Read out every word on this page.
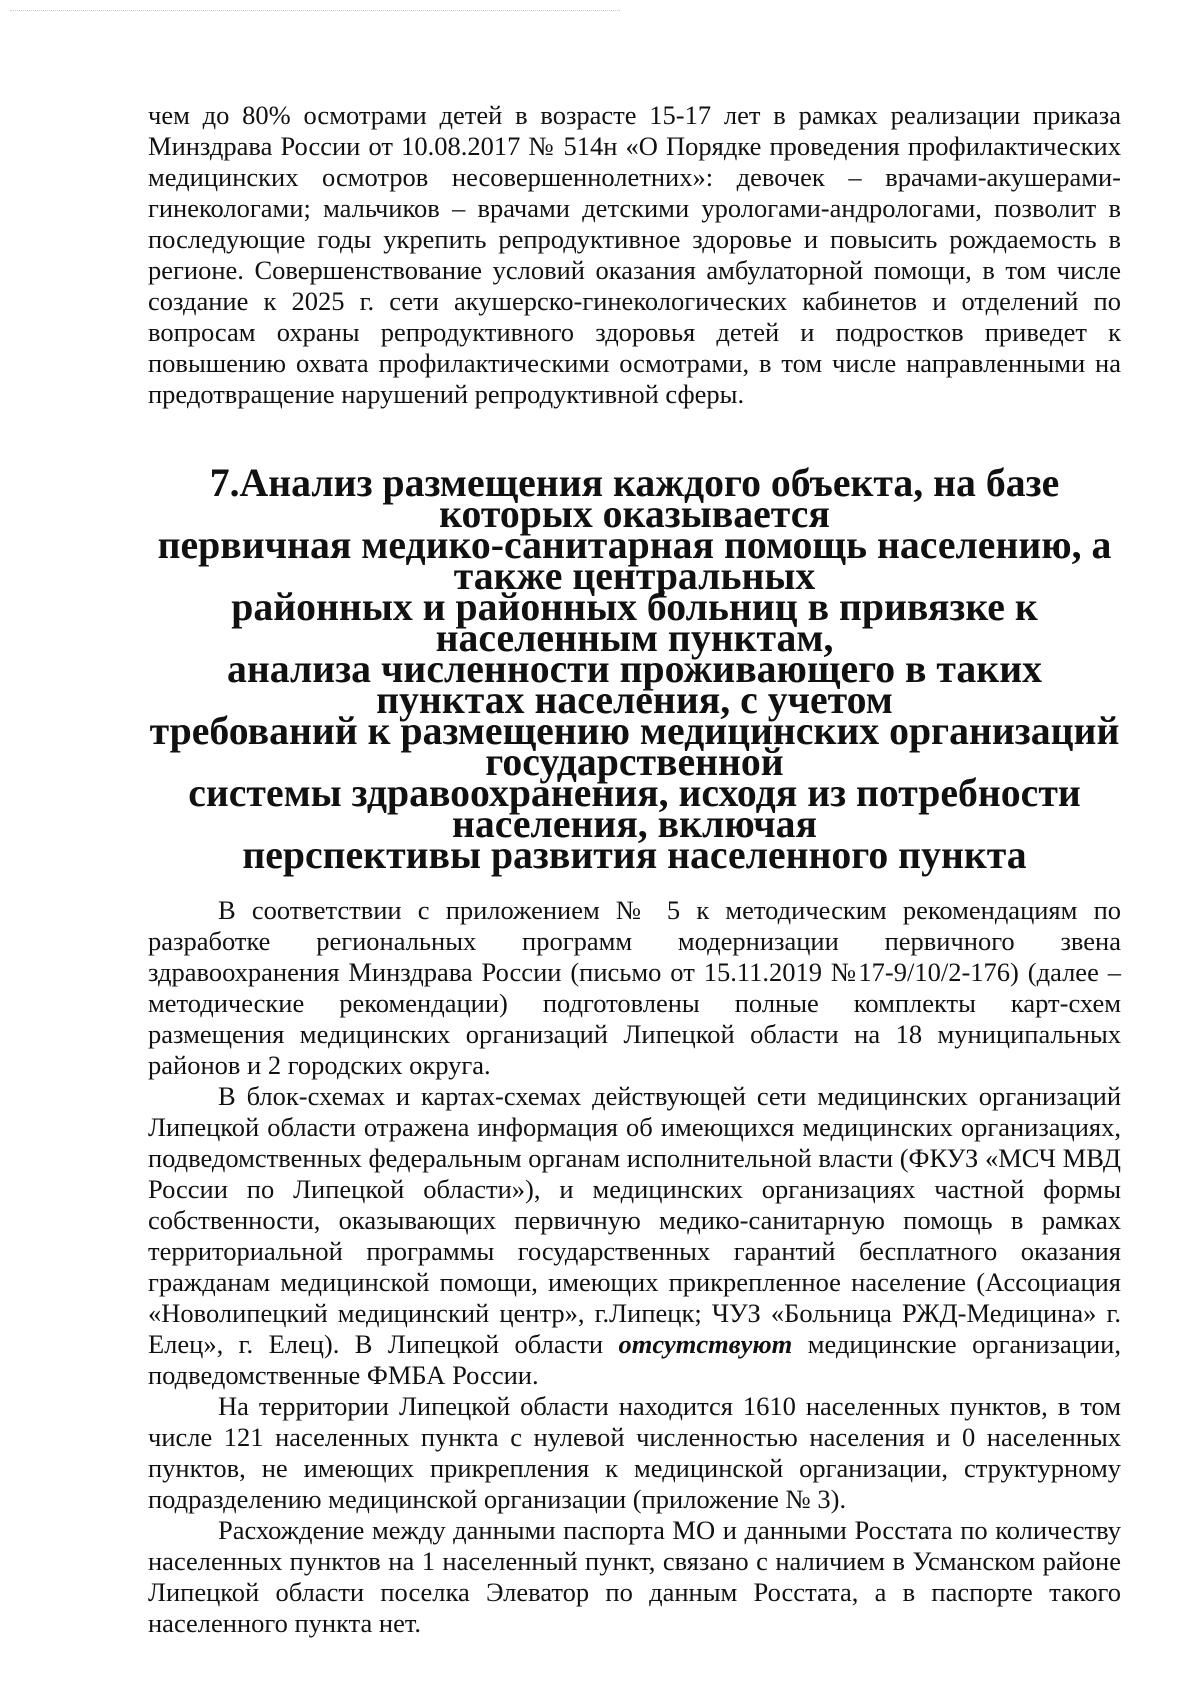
чем до 80% осмотрами детей в возрасте 15-17 лет в рамках реализации приказа Минздрава России от 10.08.2017 № 514н «О Порядке проведения профилактических медицинских осмотров несовершеннолетних»: девочек – врачами-акушерами-гинекологами; мальчиков – врачами детскими урологами-андрологами, позволит в последующие годы укрепить репродуктивное здоровье и повысить рождаемость в регионе. Совершенствование условий оказания амбулаторной помощи, в том числе создание к 2025 г. сети акушерско-гинекологических кабинетов и отделений по вопросам охраны репродуктивного здоровья детей и подростков приведет к повышению охвата профилактическими осмотрами, в том числе направленными на предотвращение нарушений репродуктивной сферы.

7.Анализ размещения каждого объекта, на базе которых оказывается
первичная медико-санитарная помощь населению, а также центральных
районных и районных больниц в привязке к населенным пунктам,
анализа численности проживающего в таких пунктах населения, с учетом
требований к размещению медицинских организаций государственной
системы здравоохранения, исходя из потребности населения, включая
перспективы развития населенного пункта

В соответствии с приложением № 5 к методическим рекомендациям по разработке региональных программ модернизации первичного звена здравоохранения Минздрава России (письмо от 15.11.2019 №17-9/10/2-176) (далее – методические рекомендации) подготовлены полные комплекты карт-схем размещения медицинских организаций Липецкой области на 18 муниципальных районов и 2 городских округа.

В блок-схемах и картах-схемах действующей сети медицинских организаций Липецкой области отражена информация об имеющихся медицинских организациях, подведомственных федеральным органам исполнительной власти (ФКУЗ «МСЧ МВД России по Липецкой области»), и медицинских организациях частной формы собственности, оказывающих первичную медико-санитарную помощь в рамках территориальной программы государственных гарантий бесплатного оказания гражданам медицинской помощи, имеющих прикрепленное население (Ассоциация «Новолипецкий медицинский центр», г.Липецк; ЧУЗ «Больница РЖД-Медицина» г. Елец», г. Елец). В Липецкой области отсутствуют медицинские организации, подведомственные ФМБА России.

На территории Липецкой области находится 1610 населенных пунктов, в том числе 121 населенных пункта с нулевой численностью населения и 0 населенных пунктов, не имеющих прикрепления к медицинской организации, структурному подразделению медицинской организации (приложение № 3).

Расхождение между данными паспорта МО и данными Росстата по количеству населенных пунктов на 1 населенный пункт, связано с наличием в Усманском районе Липецкой области поселка Элеватор по данным Росстата, а в паспорте такого населенного пункта нет.
